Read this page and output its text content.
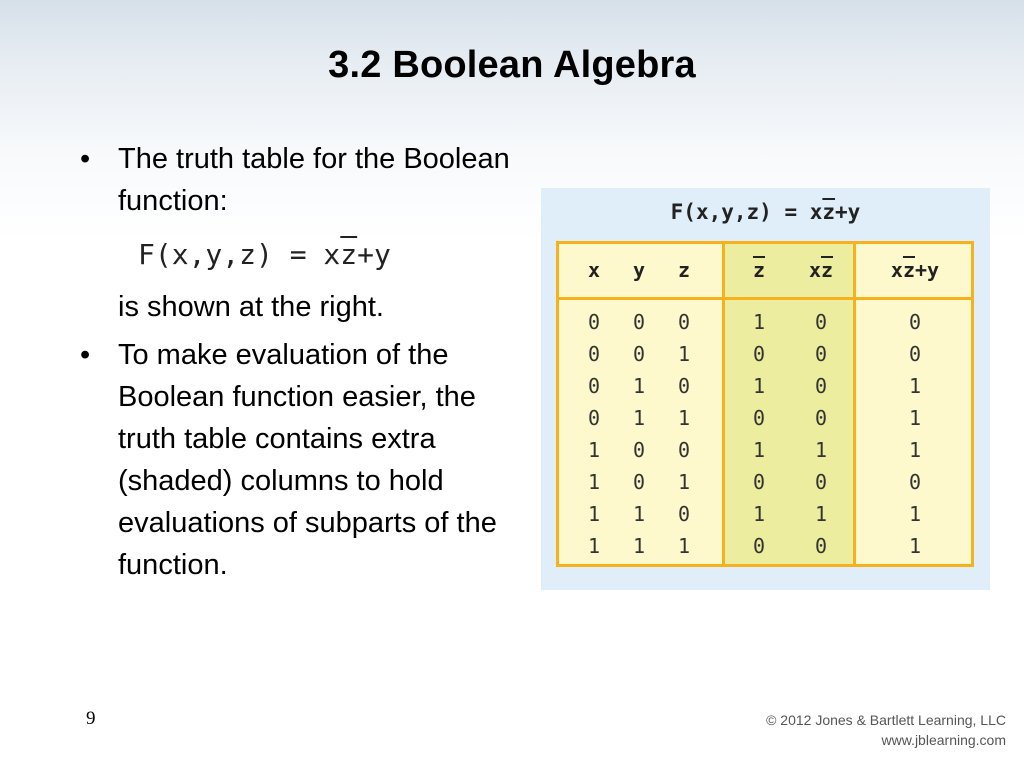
3.2 Boolean Algebra
• The truth table for the Boolean function:
$F(x,y,z) = x\overline{z}+y$
is shown at the right.
• To make evaluation of the Boolean function easier, the truth table contains extra (shaded) columns to hold evaluations of subparts of the function.
$F(x,y,z) = x\overline{z}+y$
x	y	z	$\overline{z}$	$x\overline{z}$	$x\overline{z}+y$
0	0	0	1	0	0
0	0	1	0	0	0
0	1	0	1	0	1
0	1	1	0	0	1
1	0	0	1	1	1
1	0	1	0	0	0
1	1	0	1	1	1
1	1	1	0	0	1
9	© 2012 Jones & Bartlett Learning, LLC
www.jblearning.com
